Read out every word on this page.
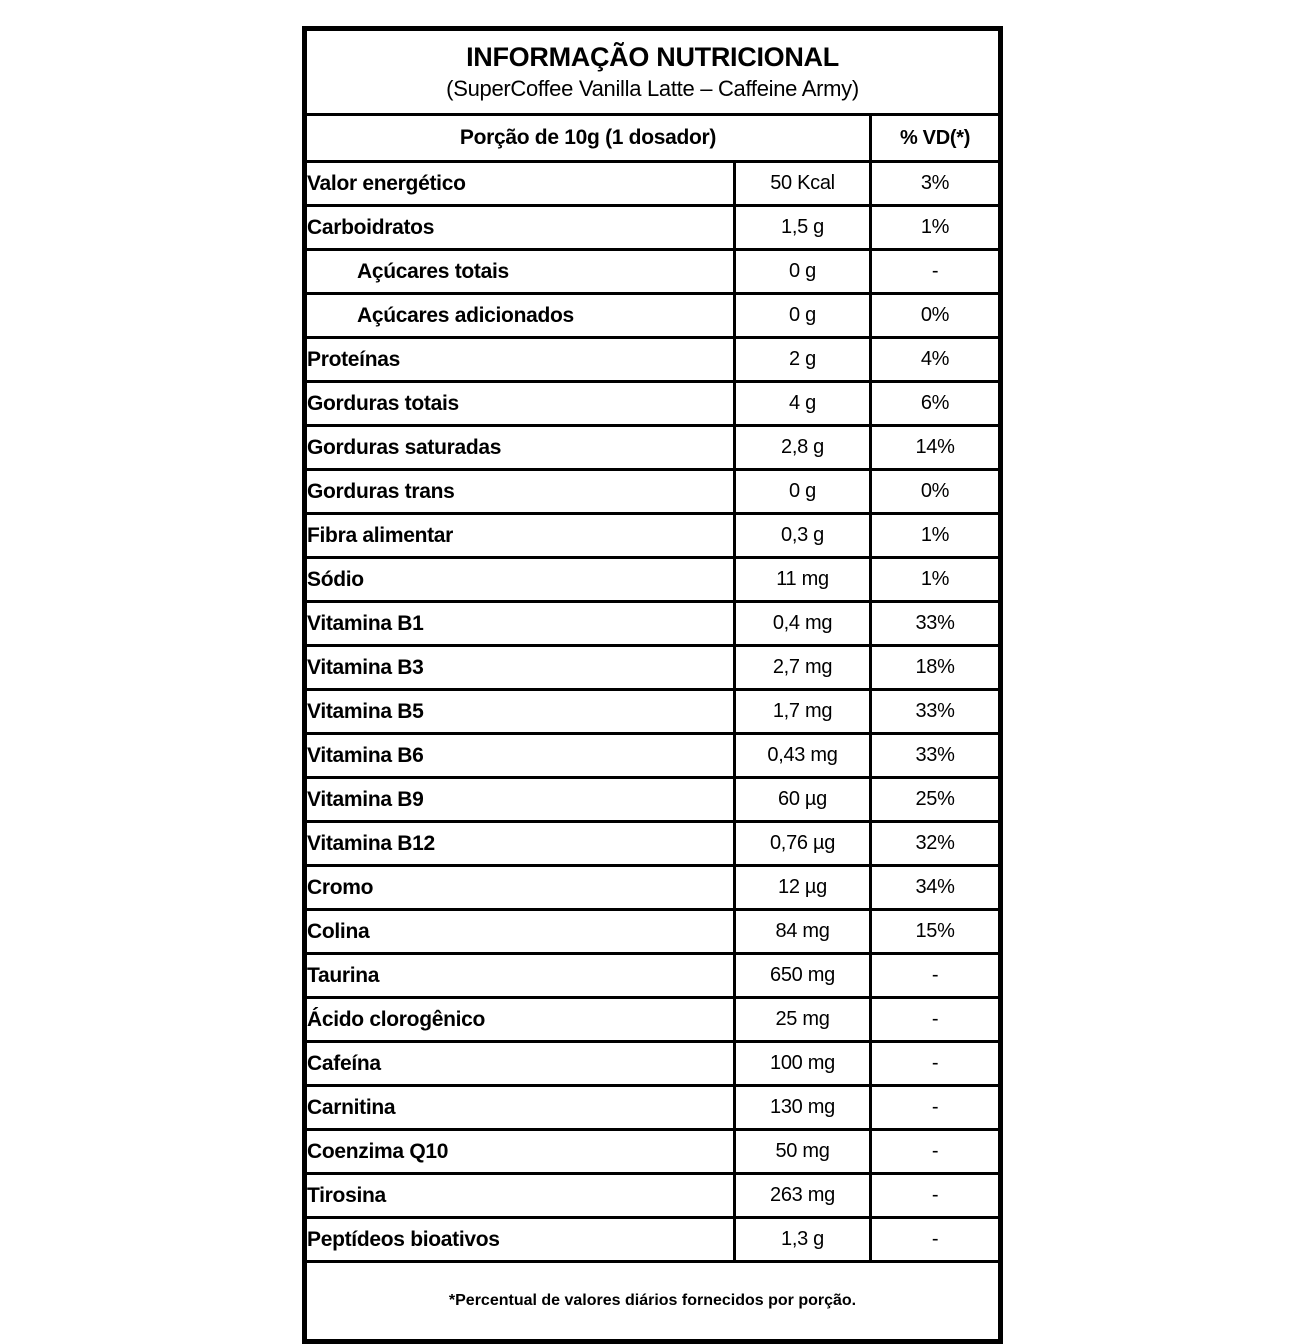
INFORMAÇÃO NUTRICIONAL
(SuperCoffee Vanilla Latte – Caffeine Army)		

Porção de 10g (1 dosador)		% VD(*)
Valor energético	50 Kcal	3%
Carboidratos	1,5 g	1%
Açúcares totais	0 g	-
Açúcares adicionados	0 g	0%
Proteínas	2 g	4%
Gorduras totais	4 g	6%
Gorduras saturadas	2,8 g	14%
Gorduras trans	0 g	0%
Fibra alimentar	0,3 g	1%
Sódio	11 mg	1%
Vitamina B1	0,4 mg	33%
Vitamina B3	2,7 mg	18%
Vitamina B5	1,7 mg	33%
Vitamina B6	0,43 mg	33%
Vitamina B9	60 µg	25%
Vitamina B12	0,76 µg	32%
Cromo	12 µg	34%
Colina	84 mg	15%
Taurina	650 mg	-
Ácido clorogênico	25 mg	-
Cafeína	100 mg	-
Carnitina	130 mg	-
Coenzima Q10	50 mg	-
Tirosina	263 mg	-
Peptídeos bioativos	1,3 g	-
*Percentual de valores diários fornecidos por porção.		
